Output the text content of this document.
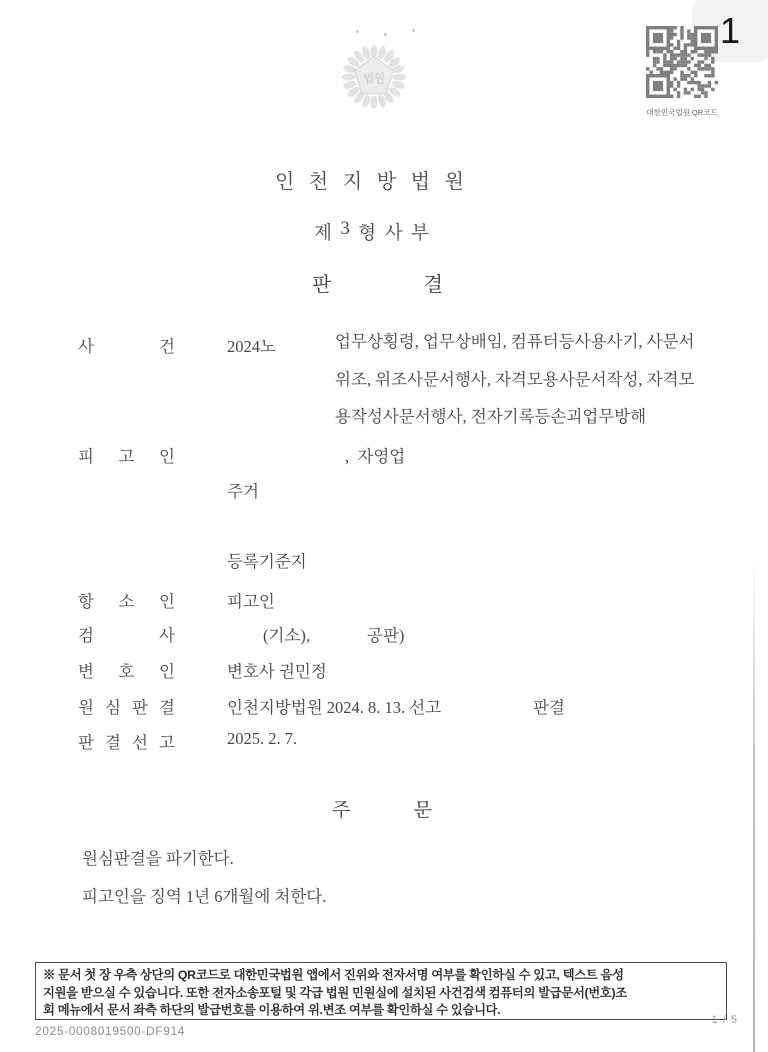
1
대한민국법원 QR코드
법원
인 천 지 방 법 원
제 3 형 사 부
판	결
사	건	2024노	업무상횡령, 업무상배임, 컴퓨터등사용사기, 사문서
위조, 위조사문서행사, 자격모용사문서작성, 자격모
용작성사문서행사, 전자기록등손괴업무방해
피 고 인	,  자영업
주거
등록기준지
항 소 인	피고인
검	사	(기소),	공판)
변 호 인	변호사 권민정
원 심 판 결	인천지방법원 2024. 8. 13. 선고	판결
판 결 선 고	2025. 2. 7.
주	문
원심판결을 파기한다.
피고인을 징역 1년 6개월에 처한다.
※ 문서 첫 장 우측 상단의 QR코드로 대한민국법원 앱에서 진위와 전자서명 여부를 확인하실 수 있고, 텍스트 음성
지원을 받으실 수 있습니다. 또한 전자소송포털 및 각급 법원 민원실에 설치된 사건검색 컴퓨터의 발급문서(번호)조
회 메뉴에서 문서 좌측 하단의 발급번호를 이용하여 위.변조 여부를 확인하실 수 있습니다.
2025-0008019500-DF914
1 / 5
